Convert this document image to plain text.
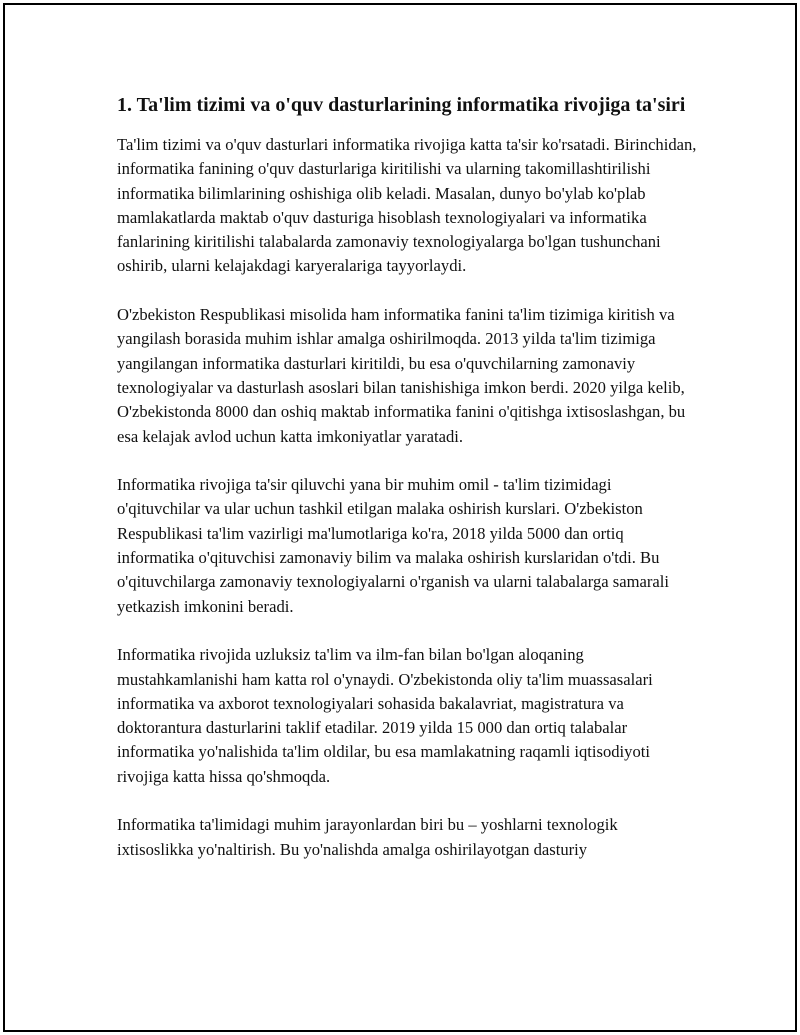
1. Ta'lim tizimi va o'quv dasturlarining informatika rivojiga ta'siri

Ta'lim tizimi va o'quv dasturlari informatika rivojiga katta ta'sir ko'rsatadi. Birinchidan, informatika fanining o'quv dasturlariga kiritilishi va ularning takomillashtirilishi informatika bilimlarining oshishiga olib keladi. Masalan, dunyo bo'ylab ko'plab mamlakatlarda maktab o'quv dasturiga hisoblash texnologiyalari va informatika fanlarining kiritilishi talabalarda zamonaviy texnologiyalarga bo'lgan tushunchani oshirib, ularni kelajakdagi karyeralariga tayyorlaydi.

O'zbekiston Respublikasi misolida ham informatika fanini ta'lim tizimiga kiritish va yangilash borasida muhim ishlar amalga oshirilmoqda. 2013 yilda ta'lim tizimiga yangilangan informatika dasturlari kiritildi, bu esa o'quvchilarning zamonaviy texnologiyalar va dasturlash asoslari bilan tanishishiga imkon berdi. 2020 yilga kelib, O'zbekistonda 8000 dan oshiq maktab informatika fanini o'qitishga ixtisoslashgan, bu esa kelajak avlod uchun katta imkoniyatlar yaratadi.

Informatika rivojiga ta'sir qiluvchi yana bir muhim omil - ta'lim tizimidagi o'qituvchilar va ular uchun tashkil etilgan malaka oshirish kurslari. O'zbekiston Respublikasi ta'lim vazirligi ma'lumotlariga ko'ra, 2018 yilda 5000 dan ortiq informatika o'qituvchisi zamonaviy bilim va malaka oshirish kurslaridan o'tdi. Bu o'qituvchilarga zamonaviy texnologiyalarni o'rganish va ularni talabalarga samarali yetkazish imkonini beradi.

Informatika rivojida uzluksiz ta'lim va ilm-fan bilan bo'lgan aloqaning mustahkamlanishi ham katta rol o'ynaydi. O'zbekistonda oliy ta'lim muassasalari informatika va axborot texnologiyalari sohasida bakalavriat, magistratura va doktorantura dasturlarini taklif etadilar. 2019 yilda 15 000 dan ortiq talabalar informatika yo'nalishida ta'lim oldilar, bu esa mamlakatning raqamli iqtisodiyoti rivojiga katta hissa qo'shmoqda.

Informatika ta'limidagi muhim jarayonlardan biri bu – yoshlarni texnologik ixtisoslikka yo'naltirish. Bu yo'nalishda amalga oshirilayotgan dasturiy
